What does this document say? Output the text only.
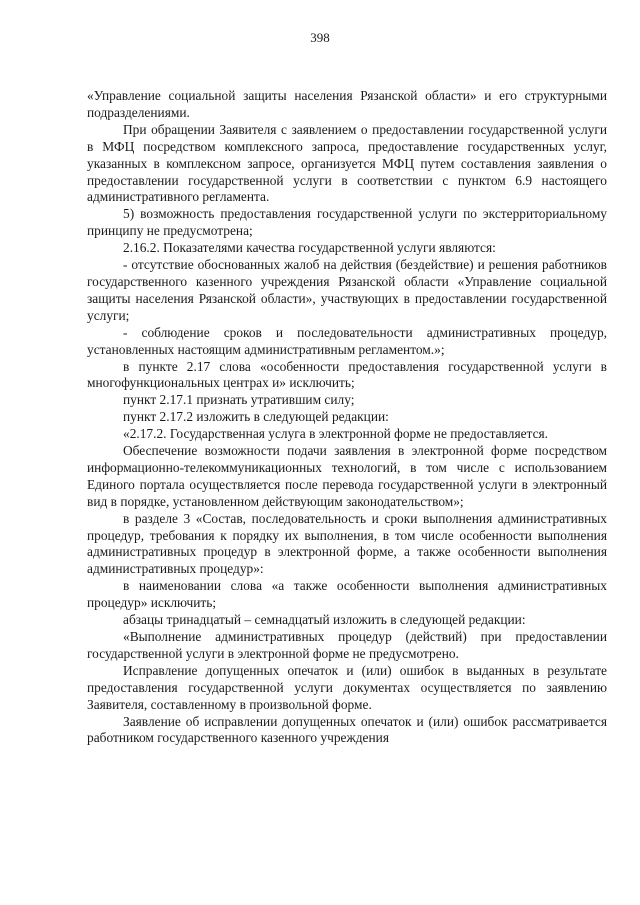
398

«Управление социальной защиты населения Рязанской области» и его структурными подразделениями.

При обращении Заявителя с заявлением о предоставлении государственной услуги в МФЦ посредством комплексного запроса, предоставление государственных услуг, указанных в комплексном запросе, организуется МФЦ путем составления заявления о предоставлении государственной услуги в соответствии с пунктом 6.9 настоящего административного регламента.

5) возможность предоставления государственной услуги по экстерриториальному принципу не предусмотрена;

2.16.2. Показателями качества государственной услуги являются:

- отсутствие обоснованных жалоб на действия (бездействие) и решения работников государственного казенного учреждения Рязанской области «Управление социальной защиты населения Рязанской области», участвующих в предоставлении государственной услуги;

- соблюдение сроков и последовательности административных процедур, установленных настоящим административным регламентом.»;

в пункте 2.17 слова «особенности предоставления государственной услуги в многофункциональных центрах и» исключить;

пункт 2.17.1 признать утратившим силу;

пункт 2.17.2 изложить в следующей редакции:

«2.17.2. Государственная услуга в электронной форме не предоставляется.

Обеспечение возможности подачи заявления в электронной форме посредством информационно-телекоммуникационных технологий, в том числе с использованием Единого портала осуществляется после перевода государственной услуги в электронный вид в порядке, установленном действующим законодательством»;

в разделе 3 «Состав, последовательность и сроки выполнения административных процедур, требования к порядку их выполнения, в том числе особенности выполнения административных процедур в электронной форме, а также особенности выполнения административных процедур»:

в наименовании слова «а также особенности выполнения административных процедур» исключить;

абзацы тринадцатый – семнадцатый изложить в следующей редакции:

«Выполнение административных процедур (действий) при предоставлении государственной услуги в электронной форме не предусмотрено.

Исправление допущенных опечаток и (или) ошибок в выданных в результате предоставления государственной услуги документах осуществляется по заявлению Заявителя, составленному в произвольной форме.

Заявление об исправлении допущенных опечаток и (или) ошибок рассматривается работником государственного казенного учреждения
